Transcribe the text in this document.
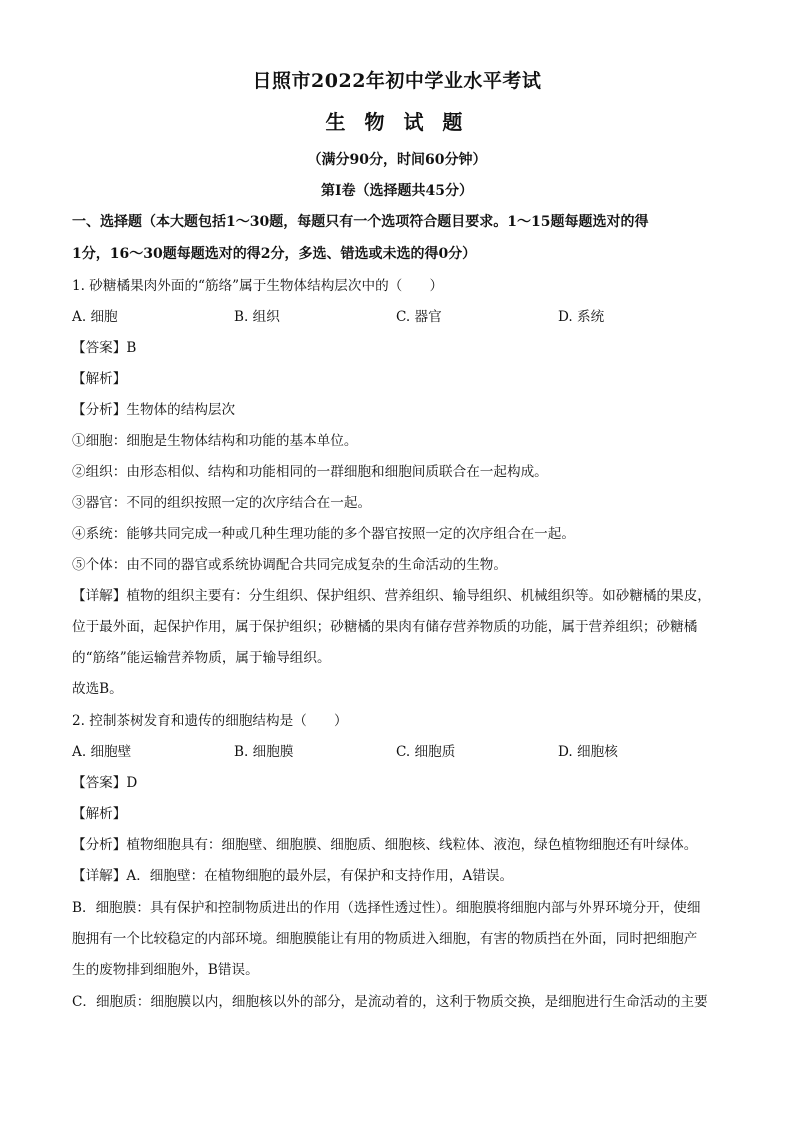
日照市2022年初中学业水平考试
生 物 试 题
（满分90分，时间60分钟）
第Ⅰ卷（选择题共45分）
一、选择题（本大题包括1～30题，每题只有一个选项符合题目要求。1～15题每题选对的得
1分，16～30题每题选对的得2分，多选、错选或未选的得0分）
1. 砂糖橘果肉外面的“筋络”属于生物体结构层次中的（　　）
A. 细胞	B. 组织	C. 器官	D. 系统
【答案】B
【解析】
【分析】生物体的结构层次
①细胞：细胞是生物体结构和功能的基本单位。
②组织：由形态相似、结构和功能相同的一群细胞和细胞间质联合在一起构成。
③器官：不同的组织按照一定的次序结合在一起。
④系统：能够共同完成一种或几种生理功能的多个器官按照一定的次序组合在一起。
⑤个体：由不同的器官或系统协调配合共同完成复杂的生命活动的生物。
【详解】植物的组织主要有：分生组织、保护组织、营养组织、输导组织、机械组织等。如砂糖橘的果皮，
位于最外面，起保护作用，属于保护组织；砂糖橘的果肉有储存营养物质的功能，属于营养组织；砂糖橘
的“筋络”能运输营养物质，属于输导组织。
故选B。
2. 控制茶树发育和遗传的细胞结构是（　　）
A. 细胞壁	B. 细胞膜	C. 细胞质	D. 细胞核
【答案】D
【解析】
【分析】植物细胞具有：细胞壁、细胞膜、细胞质、细胞核、线粒体、液泡，绿色植物细胞还有叶绿体。
【详解】A．细胞壁：在植物细胞的最外层，有保护和支持作用，A错误。
B．细胞膜：具有保护和控制物质进出的作用（选择性透过性）。细胞膜将细胞内部与外界环境分开，使细
胞拥有一个比较稳定的内部环境。细胞膜能让有用的物质进入细胞，有害的物质挡在外面，同时把细胞产
生的废物排到细胞外，B错误。
C．细胞质：细胞膜以内，细胞核以外的部分，是流动着的，这利于物质交换，是细胞进行生命活动的主要
